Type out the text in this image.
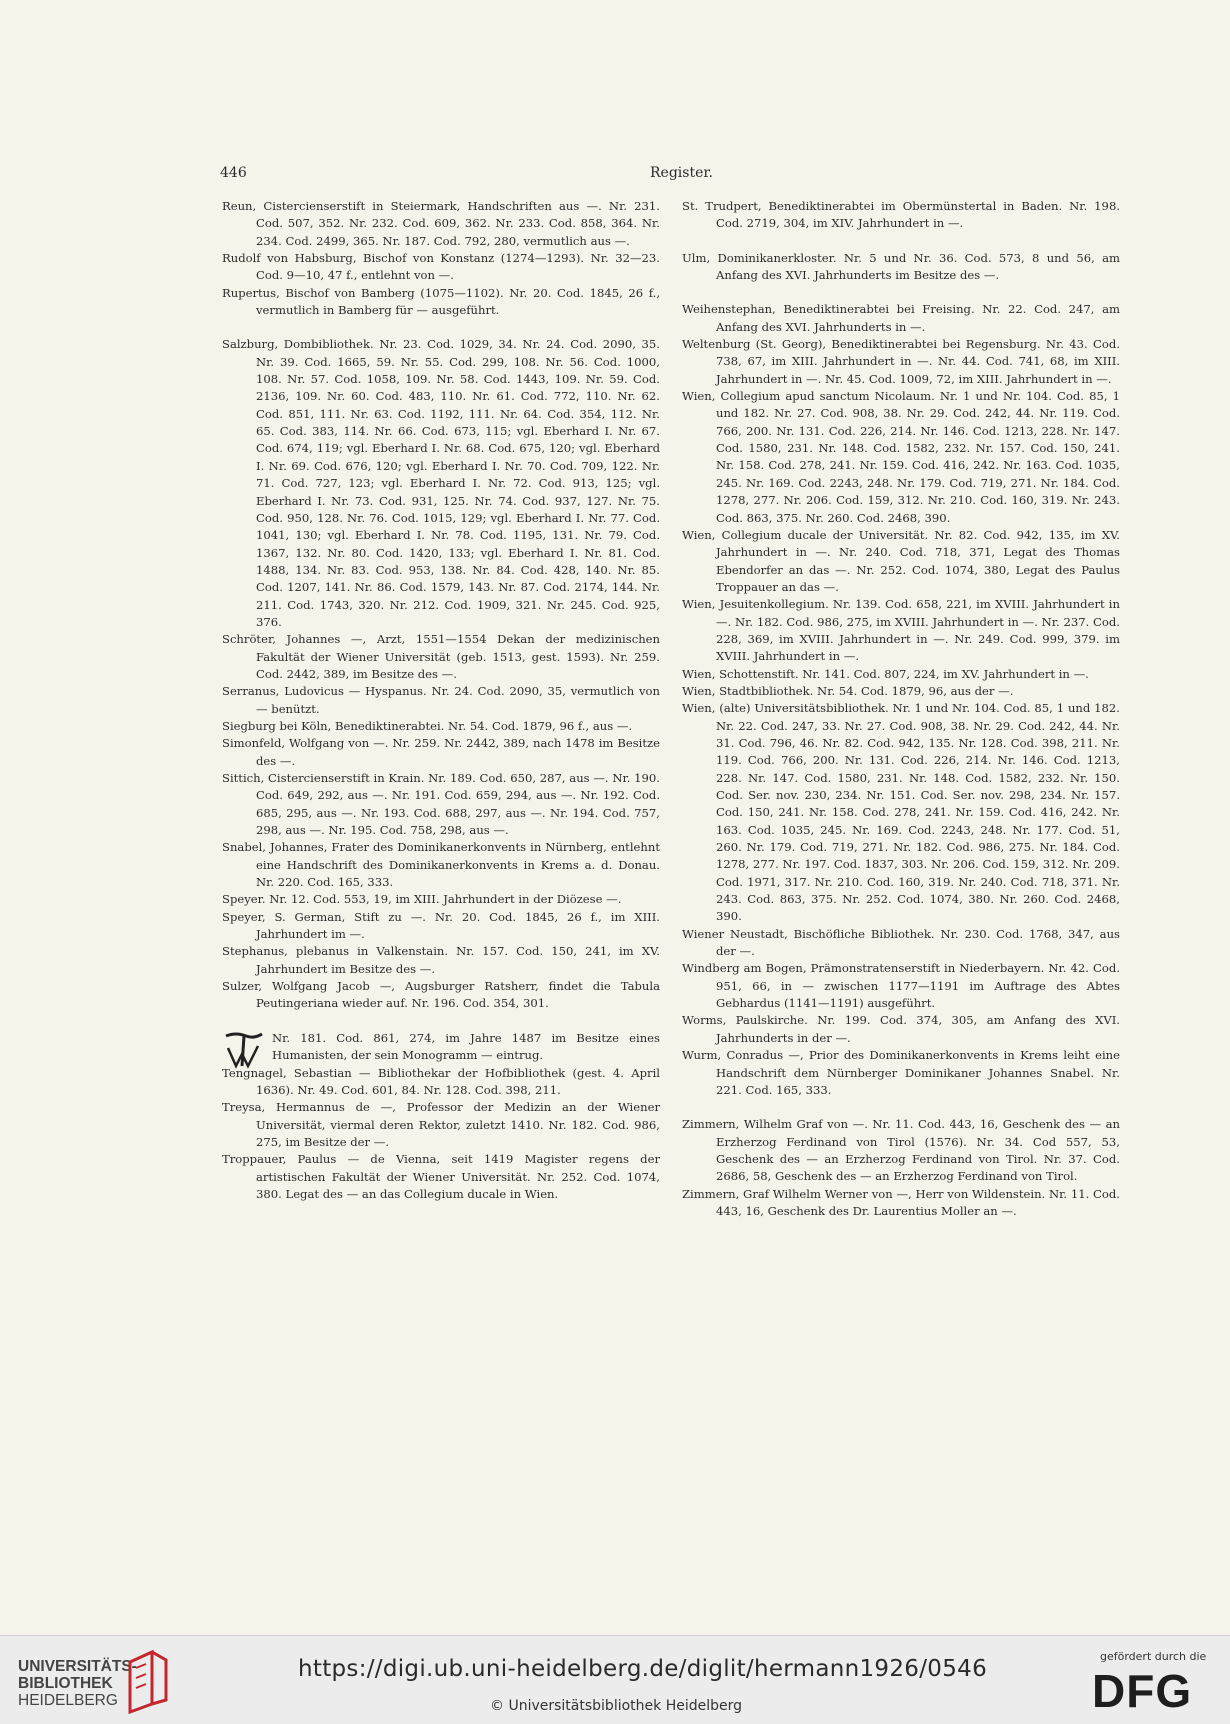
446	Register.
Reun, Cistercienserstift in Steiermark, Handschriften aus —. Nr. 231. Cod. 507, 352. Nr. 232. Cod. 609, 362. Nr. 233. Cod. 858, 364. Nr. 234. Cod. 2499, 365. Nr. 187. Cod. 792, 280, vermutlich aus —.
Rudolf von Habsburg, Bischof von Konstanz (1274—1293). Nr. 32—23. Cod. 9—10, 47 f., entlehnt von —.
Rupertus, Bischof von Bamberg (1075—1102). Nr. 20. Cod. 1845, 26 f., vermutlich in Bamberg für — ausgeführt.
Salzburg, Dombibliothek. Nr. 23. Cod. 1029, 34. Nr. 24. Cod. 2090, 35. Nr. 39. Cod. 1665, 59. Nr. 55. Cod. 299, 108. Nr. 56. Cod. 1000, 108. Nr. 57. Cod. 1058, 109. Nr. 58. Cod. 1443, 109. Nr. 59. Cod. 2136, 109. Nr. 60. Cod. 483, 110. Nr. 61. Cod. 772, 110. Nr. 62. Cod. 851, 111. Nr. 63. Cod. 1192, 111. Nr. 64. Cod. 354, 112. Nr. 65. Cod. 383, 114. Nr. 66. Cod. 673, 115; vgl. Eberhard I. Nr. 67. Cod. 674, 119; vgl. Eberhard I. Nr. 68. Cod. 675, 120; vgl. Eberhard I. Nr. 69. Cod. 676, 120; vgl. Eberhard I. Nr. 70. Cod. 709, 122. Nr. 71. Cod. 727, 123; vgl. Eberhard I. Nr. 72. Cod. 913, 125; vgl. Eberhard I. Nr. 73. Cod. 931, 125. Nr. 74. Cod. 937, 127. Nr. 75. Cod. 950, 128. Nr. 76. Cod. 1015, 129; vgl. Eberhard I. Nr. 77. Cod. 1041, 130; vgl. Eberhard I. Nr. 78. Cod. 1195, 131. Nr. 79. Cod. 1367, 132. Nr. 80. Cod. 1420, 133; vgl. Eberhard I. Nr. 81. Cod. 1488, 134. Nr. 83. Cod. 953, 138. Nr. 84. Cod. 428, 140. Nr. 85. Cod. 1207, 141. Nr. 86. Cod. 1579, 143. Nr. 87. Cod. 2174, 144. Nr. 211. Cod. 1743, 320. Nr. 212. Cod. 1909, 321. Nr. 245. Cod. 925, 376.
Schröter, Johannes —, Arzt, 1551—1554 Dekan der medizinischen Fakultät der Wiener Universität (geb. 1513, gest. 1593). Nr. 259. Cod. 2442, 389, im Besitze des —.
Serranus, Ludovicus — Hyspanus. Nr. 24. Cod. 2090, 35, vermutlich von — benützt.
Siegburg bei Köln, Benediktinerabtei. Nr. 54. Cod. 1879, 96 f., aus —.
Simonfeld, Wolfgang von —. Nr. 259. Nr. 2442, 389, nach 1478 im Besitze des —.
Sittich, Cistercienserstift in Krain. Nr. 189. Cod. 650, 287, aus —. Nr. 190. Cod. 649, 292, aus —. Nr. 191. Cod. 659, 294, aus —. Nr. 192. Cod. 685, 295, aus —. Nr. 193. Cod. 688, 297, aus —. Nr. 194. Cod. 757, 298, aus —. Nr. 195. Cod. 758, 298, aus —.
Snabel, Johannes, Frater des Dominikanerkonvents in Nürnberg, entlehnt eine Handschrift des Dominikanerkonvents in Krems a. d. Donau. Nr. 220. Cod. 165, 333.
Speyer. Nr. 12. Cod. 553, 19, im XIII. Jahrhundert in der Diözese —.
Speyer, S. German, Stift zu —. Nr. 20. Cod. 1845, 26 f., im XIII. Jahrhundert im —.
Stephanus, plebanus in Valkenstain. Nr. 157. Cod. 150, 241, im XV. Jahrhundert im Besitze des —.
Sulzer, Wolfgang Jacob —, Augsburger Ratsherr, findet die Tabula Peutingeriana wieder auf. Nr. 196. Cod. 354, 301.
Nr. 181. Cod. 861, 274, im Jahre 1487 im Besitze eines Humanisten, der sein Monogramm — eintrug.
Tengnagel, Sebastian — Bibliothekar der Hofbibliothek (gest. 4. April 1636). Nr. 49. Cod. 601, 84. Nr. 128. Cod. 398, 211.
Treysa, Hermannus de —, Professor der Medizin an der Wiener Universität, viermal deren Rektor, zuletzt 1410. Nr. 182. Cod. 986, 275, im Besitze der —.
Troppauer, Paulus — de Vienna, seit 1419 Magister regens der artistischen Fakultät der Wiener Universität. Nr. 252. Cod. 1074, 380. Legat des — an das Collegium ducale in Wien.
St. Trudpert, Benediktinerabtei im Obermünstertal in Baden. Nr. 198. Cod. 2719, 304, im XIV. Jahrhundert in —.
Ulm, Dominikanerkloster. Nr. 5 und Nr. 36. Cod. 573, 8 und 56, am Anfang des XVI. Jahrhunderts im Besitze des —.
Weihenstephan, Benediktinerabtei bei Freising. Nr. 22. Cod. 247, am Anfang des XVI. Jahrhunderts in —.
Weltenburg (St. Georg), Benediktinerabtei bei Regensburg. Nr. 43. Cod. 738, 67, im XIII. Jahrhundert in —. Nr. 44. Cod. 741, 68, im XIII. Jahrhundert in —. Nr. 45. Cod. 1009, 72, im XIII. Jahrhundert in —.
Wien, Collegium apud sanctum Nicolaum. Nr. 1 und Nr. 104. Cod. 85, 1 und 182. Nr. 27. Cod. 908, 38. Nr. 29. Cod. 242, 44. Nr. 119. Cod. 766, 200. Nr. 131. Cod. 226, 214. Nr. 146. Cod. 1213, 228. Nr. 147. Cod. 1580, 231. Nr. 148. Cod. 1582, 232. Nr. 157. Cod. 150, 241. Nr. 158. Cod. 278, 241. Nr. 159. Cod. 416, 242. Nr. 163. Cod. 1035, 245. Nr. 169. Cod. 2243, 248. Nr. 179. Cod. 719, 271. Nr. 184. Cod. 1278, 277. Nr. 206. Cod. 159, 312. Nr. 210. Cod. 160, 319. Nr. 243. Cod. 863, 375. Nr. 260. Cod. 2468, 390.
Wien, Collegium ducale der Universität. Nr. 82. Cod. 942, 135, im XV. Jahrhundert in —. Nr. 240. Cod. 718, 371, Legat des Thomas Ebendorfer an das —. Nr. 252. Cod. 1074, 380, Legat des Paulus Troppauer an das —.
Wien, Jesuitenkollegium. Nr. 139. Cod. 658, 221, im XVIII. Jahrhundert in —. Nr. 182. Cod. 986, 275, im XVIII. Jahrhundert in —. Nr. 237. Cod. 228, 369, im XVIII. Jahrhundert in —. Nr. 249. Cod. 999, 379. im XVIII. Jahrhundert in —.
Wien, Schottenstift. Nr. 141. Cod. 807, 224, im XV. Jahrhundert in —.
Wien, Stadtbibliothek. Nr. 54. Cod. 1879, 96, aus der —.
Wien, (alte) Universitätsbibliothek. Nr. 1 und Nr. 104. Cod. 85, 1 und 182. Nr. 22. Cod. 247, 33. Nr. 27. Cod. 908, 38. Nr. 29. Cod. 242, 44. Nr. 31. Cod. 796, 46. Nr. 82. Cod. 942, 135. Nr. 128. Cod. 398, 211. Nr. 119. Cod. 766, 200. Nr. 131. Cod. 226, 214. Nr. 146. Cod. 1213, 228. Nr. 147. Cod. 1580, 231. Nr. 148. Cod. 1582, 232. Nr. 150. Cod. Ser. nov. 230, 234. Nr. 151. Cod. Ser. nov. 298, 234. Nr. 157. Cod. 150, 241. Nr. 158. Cod. 278, 241. Nr. 159. Cod. 416, 242. Nr. 163. Cod. 1035, 245. Nr. 169. Cod. 2243, 248. Nr. 177. Cod. 51, 260. Nr. 179. Cod. 719, 271. Nr. 182. Cod. 986, 275. Nr. 184. Cod. 1278, 277. Nr. 197. Cod. 1837, 303. Nr. 206. Cod. 159, 312. Nr. 209. Cod. 1971, 317. Nr. 210. Cod. 160, 319. Nr. 240. Cod. 718, 371. Nr. 243. Cod. 863, 375. Nr. 252. Cod. 1074, 380. Nr. 260. Cod. 2468, 390.
Wiener Neustadt, Bischöfliche Bibliothek. Nr. 230. Cod. 1768, 347, aus der —.
Windberg am Bogen, Prämonstratenserstift in Niederbayern. Nr. 42. Cod. 951, 66, in — zwischen 1177—1191 im Auftrage des Abtes Gebhardus (1141—1191) ausgeführt.
Worms, Paulskirche. Nr. 199. Cod. 374, 305, am Anfang des XVI. Jahrhunderts in der —.
Wurm, Conradus —, Prior des Dominikanerkonvents in Krems leiht eine Handschrift dem Nürnberger Dominikaner Johannes Snabel. Nr. 221. Cod. 165, 333.
Zimmern, Wilhelm Graf von —. Nr. 11. Cod. 443, 16, Geschenk des — an Erzherzog Ferdinand von Tirol (1576). Nr. 34. Cod 557, 53, Geschenk des — an Erzherzog Ferdinand von Tirol. Nr. 37. Cod. 2686, 58, Geschenk des — an Erzherzog Ferdinand von Tirol.
Zimmern, Graf Wilhelm Werner von —, Herr von Wildenstein. Nr. 11. Cod. 443, 16, Geschenk des Dr. Laurentius Moller an —.
UNIVERSITÄTS-
BIBLIOTHEK
HEIDELBERG
https://digi.ub.uni-heidelberg.de/diglit/hermann1926/0546
© Universitätsbibliothek Heidelberg
gefördert durch die
DFG
